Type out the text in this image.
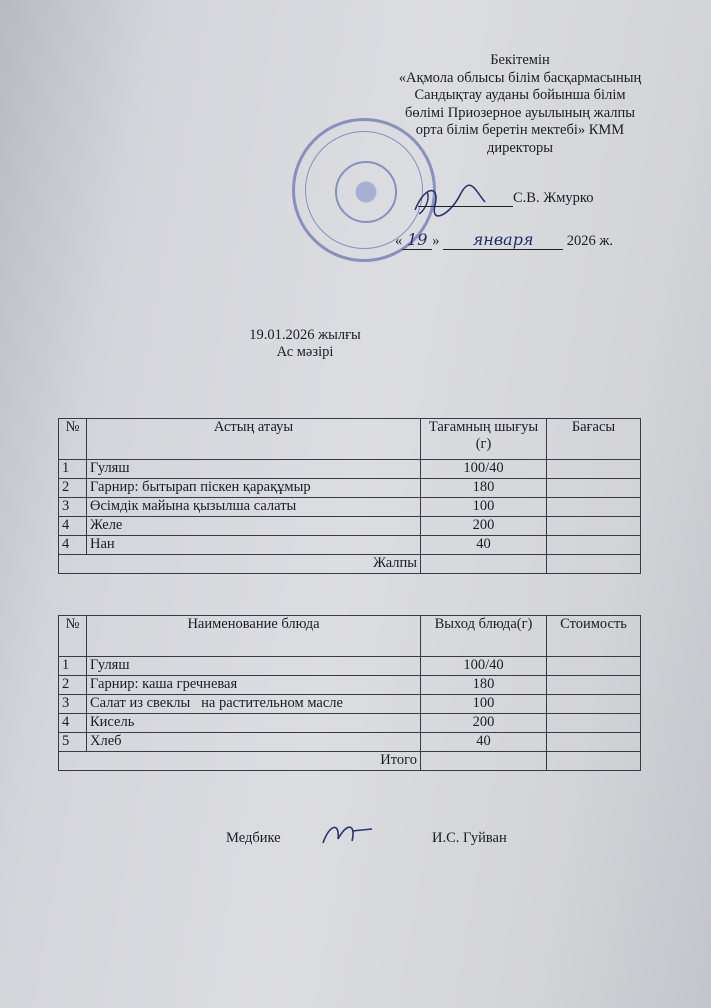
Бекітемін
«Ақмола облысы білім басқармасының
Сандықтау ауданы бойынша білім
бөлімі Приозерное ауылының жалпы
орта білім беретін мектебі» КММ
директоры
С.В. Жмурко
« 19 » января 2026 ж.
19.01.2026 жылғы
Ас мәзірі
№	Астың атауы	Тағамның шығуы (г)	Бағасы
1	Гуляш	100/40	
2	Гарнир: бытырап піскен қарақұмыр	180	
3	Өсімдік майына қызылша салаты	100	
4	Желе	200	
4	Нан	40	
Жалпы			
№	Наименование блюда	Выход блюда(г)	Стоимость
1	Гуляш	100/40	
2	Гарнир: каша гречневая	180	
3	Салат из свеклы   на растительном масле	100	
4	Кисель	200	
5	Хлеб	40	
Итого			
Медбике	И.С. Гуйван
